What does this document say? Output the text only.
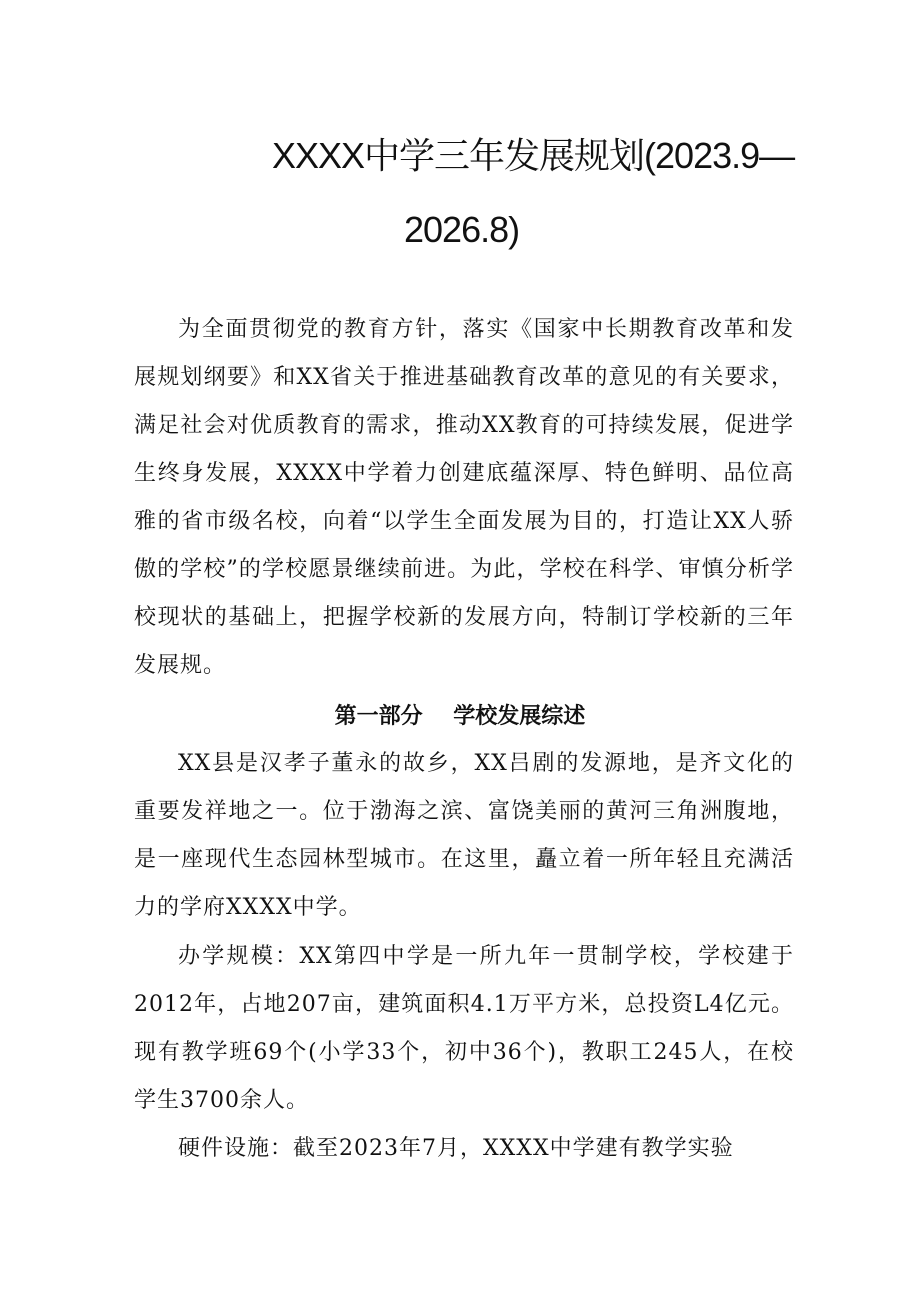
XXXX中学三年发展规划(2023.9—
2026.8)

为全面贯彻党的教育方针，落实《国家中长期教育改革和发展规划纲要》和XX省关于推进基础教育改革的意见的有关要求，满足社会对优质教育的需求，推动XX教育的可持续发展，促进学生终身发展，XXXX中学着力创建底蕴深厚、特色鲜明、品位高雅的省市级名校，向着“以学生全面发展为目的，打造让XX人骄傲的学校”的学校愿景继续前进。为此，学校在科学、审慎分析学校现状的基础上，把握学校新的发展方向，特制订学校新的三年发展规。

第一部分    学校发展综述

XX县是汉孝子董永的故乡，XX吕剧的发源地，是齐文化的重要发祥地之一。位于渤海之滨、富饶美丽的黄河三角洲腹地，是一座现代生态园林型城市。在这里，矗立着一所年轻且充满活力的学府XXXX中学。

办学规模：XX第四中学是一所九年一贯制学校，学校建于2012年，占地207亩，建筑面积4.1万平方米，总投资L4亿元。现有教学班69个(小学33个，初中36个)，教职工245人，在校学生3700余人。

硬件设施：截至2023年7月，XXXX中学建有教学实验
